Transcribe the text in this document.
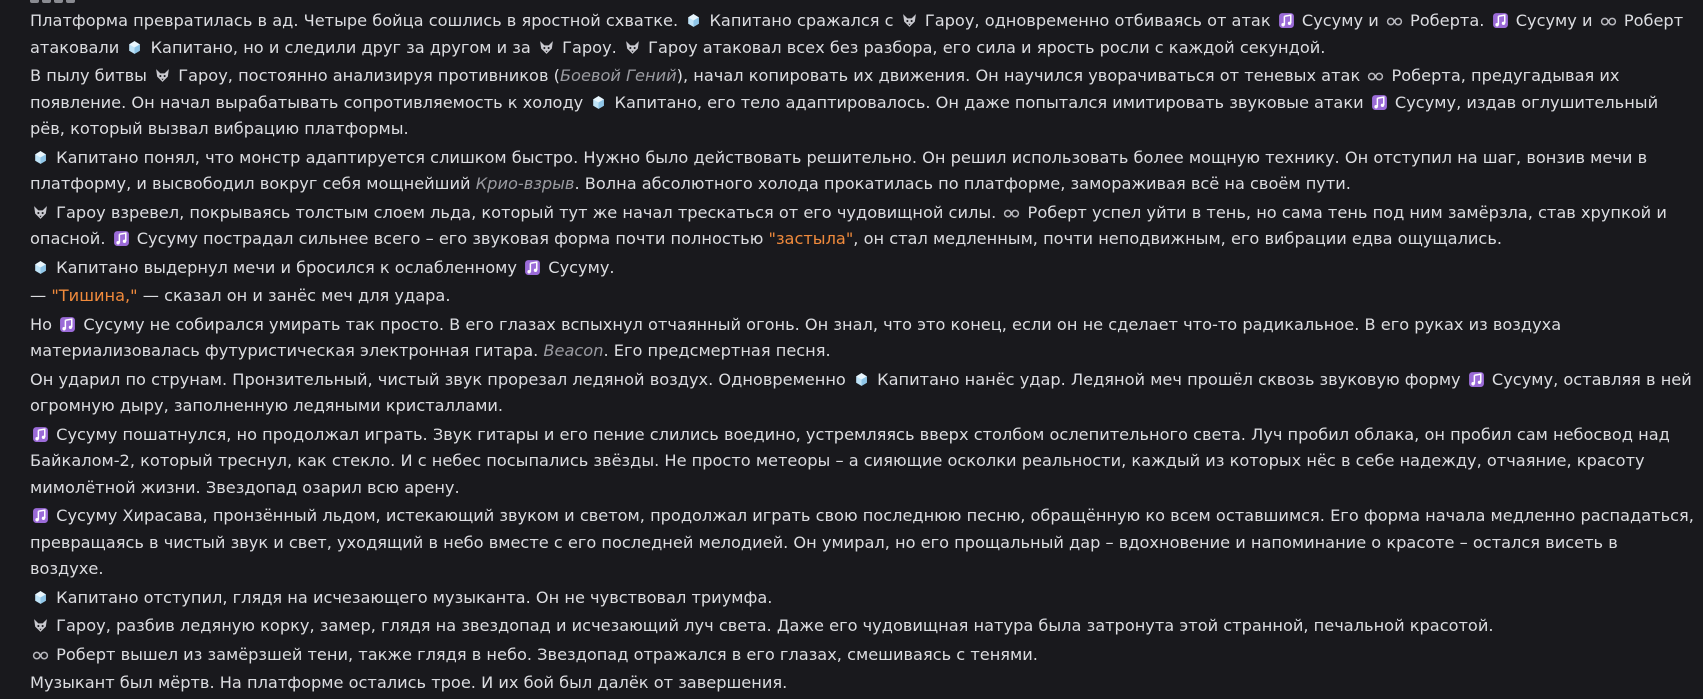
Платформа превратилась в ад. Четыре бойца сошлись в яростной схватке.
Капитано сражался с
Гароу, одновременно отбиваясь от атак
Сусуму и
Роберта.
Сусуму и
Роберт атаковали
Капитано, но и следили друг за другом и за
Гароу.
Гароу атаковал всех без разбора, его сила и ярость росли с каждой секундой.
В пылу битвы
Гароу, постоянно анализируя противников (Боевой Гений), начал копировать их движения. Он научился уворачиваться от теневых атак
Роберта, предугадывая их появление. Он начал вырабатывать сопротивляемость к холоду
Капитано, его тело адаптировалось. Он даже попытался имитировать звуковые атаки
Сусуму, издав оглушительный рёв, который вызвал вибрацию платформы.
Капитано понял, что монстр адаптируется слишком быстро. Нужно было действовать решительно. Он решил использовать более мощную технику. Он отступил на шаг, вонзив мечи в платформу, и высвободил вокруг себя мощнейший Крио-взрыв. Волна абсолютного холода прокатилась по платформе, замораживая всё на своём пути.
Гароу взревел, покрываясь толстым слоем льда, который тут же начал трескаться от его чудовищной силы.
Роберт успел уйти в тень, но сама тень под ним замёрзла, став хрупкой и опасной.
Сусуму пострадал сильнее всего – его звуковая форма почти полностью "застыла", он стал медленным, почти неподвижным, его вибрации едва ощущались.
Капитано выдернул мечи и бросился к ослабленному
Сусуму.
— "Тишина," — сказал он и занёс меч для удара.
Но
Сусуму не собирался умирать так просто. В его глазах вспыхнул отчаянный огонь. Он знал, что это конец, если он не сделает что-то радикальное. В его руках из воздуха материализовалась футуристическая электронная гитара. Beacon. Его предсмертная песня.
Он ударил по струнам. Пронзительный, чистый звук прорезал ледяной воздух. Одновременно
Капитано нанёс удар. Ледяной меч прошёл сквозь звуковую форму
Сусуму, оставляя в ней огромную дыру, заполненную ледяными кристаллами.
Сусуму пошатнулся, но продолжал играть. Звук гитары и его пение слились воедино, устремляясь вверх столбом ослепительного света. Луч пробил облака, он пробил сам небосвод над Байкалом-2, который треснул, как стекло. И с небес посыпались звёзды. Не просто метеоры – а сияющие осколки реальности, каждый из которых нёс в себе надежду, отчаяние, красоту мимолётной жизни. Звездопад озарил всю арену.
Сусуму Хирасава, пронзённый льдом, истекающий звуком и светом, продолжал играть свою последнюю песню, обращённую ко всем оставшимся. Его форма начала медленно распадаться, превращаясь в чистый звук и свет, уходящий в небо вместе с его последней мелодией. Он умирал, но его прощальный дар – вдохновение и напоминание о красоте – остался висеть в воздухе.
Капитано отступил, глядя на исчезающего музыканта. Он не чувствовал триумфа.
Гароу, разбив ледяную корку, замер, глядя на звездопад и исчезающий луч света. Даже его чудовищная натура была затронута этой странной, печальной красотой.
Роберт вышел из замёрзшей тени, также глядя в небо. Звездопад отражался в его глазах, смешиваясь с тенями.
Музыкант был мёртв. На платформе остались трое. И их бой был далёк от завершения.
